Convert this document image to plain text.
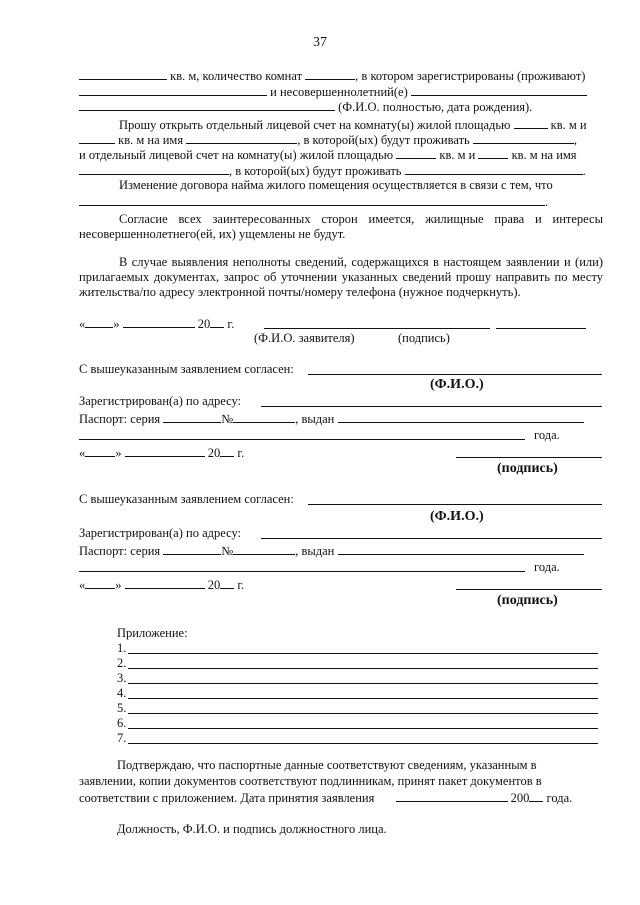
37
кв. м, количество комнат	, в котором зарегистрированы (проживают)
и несовершеннолетний(е)
(Ф.И.О. полностью, дата рождения).
Прошу открыть отдельный лицевой счет на комнату(ы) жилой площадью	кв. м и
кв. м на имя	, в которой(ых) будут проживать	,
и отдельный лицевой счет на комнату(ы) жилой площадью	кв. м и	кв. м на имя
, в которой(ых) будут проживать	.
Изменение договора найма жилого помещения осуществляется в связи с тем, что
.
Согласие всех заинтересованных сторон имеется, жилищные права и интересы несовершеннолетнего(ей, их) ущемлены не будут.
В случае выявления неполноты сведений, содержащихся в настоящем заявлении и (или) прилагаемых документах, запрос об уточнении указанных сведений прошу направить по месту жительства/по адресу электронной почты/номеру телефона (нужное подчеркнуть).
« »	20 г.
(Ф.И.О. заявителя)	(подпись)
С вышеуказанным заявлением согласен:
(Ф.И.О.)
Зарегистрирован(а) по адресу:
Паспорт: серия	№	, выдан
года.
« »	20 г.
(подпись)
С вышеуказанным заявлением согласен:
(Ф.И.О.)
Зарегистрирован(а) по адресу:
Паспорт: серия	№	, выдан
года.
« »	20 г.
(подпись)
Приложение:
1.
2.
3.
4.
5.
6.
7.
Подтверждаю, что паспортные данные соответствуют сведениям, указанным в
заявлении, копии документов соответствуют подлинникам, принят пакет документов в
соответствии с приложением. Дата принятия заявления	200 года.
Должность, Ф.И.О. и подпись должностного лица.
